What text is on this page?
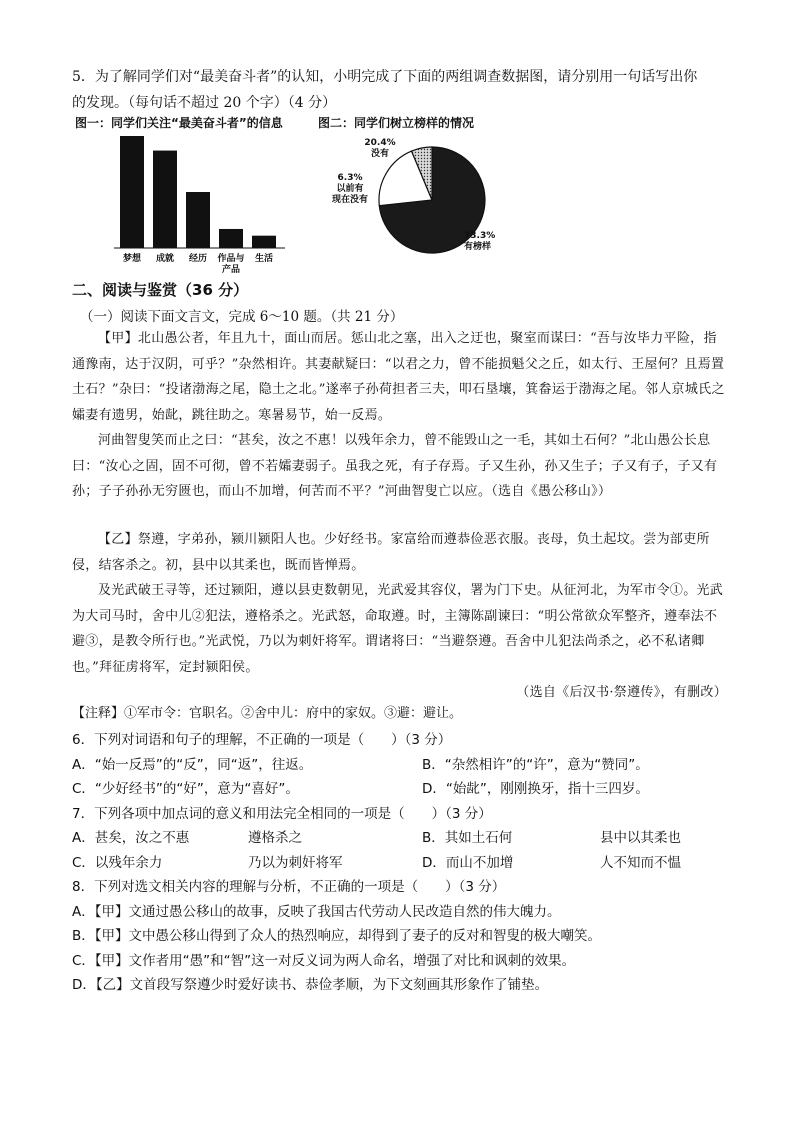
5．为了解同学们对“最美奋斗者”的认知，小明完成了下面的两组调查数据图，请分别用一句话写出你
的发现。（每句话不超过 20 个字）（4 分）
图一：同学们关注“最美奋斗者”的信息	图二：同学们树立榜样的情况
梦想 成就 经历 作品与
产品
生活
73.3%
有榜样
20.4%
没有
6.3%
以前有
现在没有
二、阅读与鉴赏（36 分）
（一）阅读下面文言文，完成 6～10 题。（共 21 分）

【甲】北山愚公者，年且九十，面山而居。惩山北之塞，出入之迂也，聚室而谋曰：“吾与汝毕力平险，指通豫南，达于汉阴，可乎？”杂然相许。其妻献疑曰：“以君之力，曾不能损魁父之丘，如太行、王屋何？且焉置土石？”杂曰：“投诸渤海之尾，隐土之北。”遂率子孙荷担者三夫，叩石垦壤，箕畚运于渤海之尾。邻人京城氏之孀妻有遗男，始龀，跳往助之。寒暑易节，始一反焉。

河曲智叟笑而止之曰：“甚矣，汝之不惠！以残年余力，曾不能毁山之一毛，其如土石何？”北山愚公长息曰：“汝心之固，固不可彻，曾不若孀妻弱子。虽我之死，有子存焉。子又生孙，孙又生子；子又有子，子又有孙；子子孙孙无穷匮也，而山不加增，何苦而不平？”河曲智叟亡以应。（选自《愚公移山》）

【乙】祭遵，字弟孙，颍川颍阳人也。少好经书。家富给而遵恭俭恶衣服。丧母，负土起坟。尝为部吏所侵，结客杀之。初，县中以其柔也，既而皆惮焉。

及光武破王寻等，还过颍阳，遵以县吏数朝见，光武爱其容仪，署为门下史。从征河北，为军市令①。光武为大司马时，舍中儿②犯法，遵格杀之。光武怒，命取遵。时，主簿陈副谏曰：“明公常欲众军整齐，遵奉法不避③，是教令所行也。”光武悦，乃以为刺奸将军。谓诸将曰：“当避祭遵。吾舍中儿犯法尚杀之，必不私诸卿也。”拜征虏将军，定封颍阳侯。

（选自《后汉书·祭遵传》，有删改）

【注释】①军市令：官职名。②舍中儿：府中的家奴。③避：避让。
6．下列对词语和句子的理解，不正确的一项是（　　）（3 分）
A．“始一反焉”的“反”，同“返”，往返。	B．“杂然相许”的“许”，意为“赞同”。
C．“少好经书”的“好”，意为“喜好”。	D．“始龀”，刚刚换牙，指十三四岁。
7．下列各项中加点词的意义和用法完全相同的一项是（　　）（3 分）
A．甚矣，汝之不惠	遵格杀之	B．其如土石何	县中以其柔也
C．以残年余力	乃以为刺奸将军	D．而山不加增	人不知而不愠
8．下列对选文相关内容的理解与分析，不正确的一项是（　　）（3 分）
A．【甲】文通过愚公移山的故事，反映了我国古代劳动人民改造自然的伟大魄力。
B．【甲】文中愚公移山得到了众人的热烈响应，却得到了妻子的反对和智叟的极大嘲笑。
C．【甲】文作者用“愚”和“智”这一对反义词为两人命名，增强了对比和讽刺的效果。
D．【乙】文首段写祭遵少时爱好读书、恭俭孝顺，为下文刻画其形象作了铺垫。
